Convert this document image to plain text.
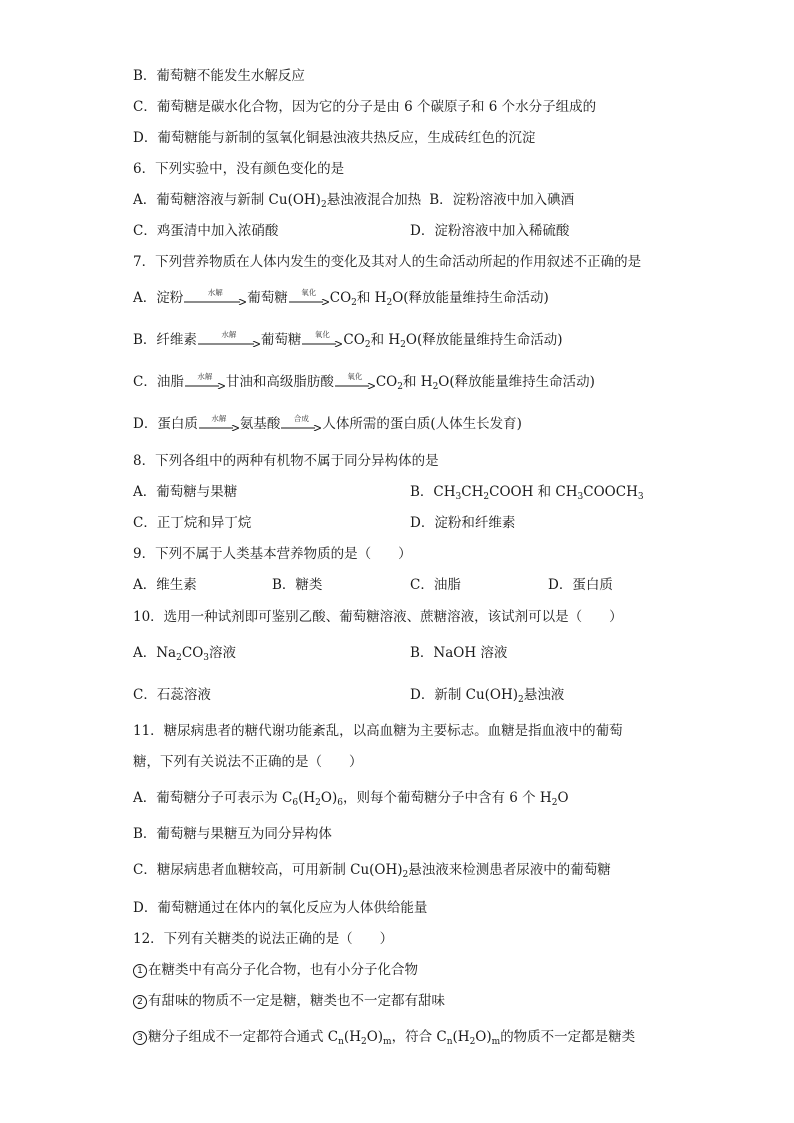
B．葡萄糖不能发生水解反应
C．葡萄糖是碳水化合物，因为它的分子是由 6 个碳原子和 6 个水分子组成的
D．葡萄糖能与新制的氢氧化铜悬浊液共热反应，生成砖红色的沉淀
6．下列实验中，没有颜色变化的是
A．葡萄糖溶液与新制 $Cu(OH)_2$悬浊液混合加热 B．淀粉溶液中加入碘酒
C．鸡蛋清中加入浓硝酸	D．淀粉溶液中加入稀硫酸
7．下列营养物质在人体内发生的变化及其对人的生命活动所起的作用叙述不正确的是
A．淀粉	水解	葡萄糖	氧化	$CO_2$和 $H_2O$(释放能量维持生命活动)
B．纤维素	水解	葡萄糖	氧化	$CO_2$和 $H_2O$(释放能量维持生命活动)
C．油脂	水解	甘油和高级脂肪酸	氧化	$CO_2$和 $H_2O$(释放能量维持生命活动)
D．蛋白质	水解	氨基酸	合成	人体所需的蛋白质(人体生长发育)
8．下列各组中的两种有机物不属于同分异构体的是
A．葡萄糖与果糖	B．$CH_3CH_2COOH$ 和 $CH_3COOCH_3$
C．正丁烷和异丁烷	D．淀粉和纤维素
9．下列不属于人类基本营养物质的是（　　）
A．维生素	B．糖类	C．油脂	D．蛋白质
10．选用一种试剂即可鉴别乙酸、葡萄糖溶液、蔗糖溶液，该试剂可以是（　　）
A．$Na_2CO_3$溶液	B．NaOH 溶液
C．石蕊溶液	D．新制 $Cu(OH)_2$悬浊液
11．糖尿病患者的糖代谢功能紊乱，以高血糖为主要标志。血糖是指血液中的葡萄
糖，下列有关说法不正确的是（　　）
A．葡萄糖分子可表示为 $C_6(H_2O)_6$，则每个葡萄糖分子中含有 6 个 $H_2O$
B．葡萄糖与果糖互为同分异构体
C．糖尿病患者血糖较高，可用新制 $Cu(OH)_2$悬浊液来检测患者尿液中的葡萄糖
D．葡萄糖通过在体内的氧化反应为人体供给能量
12．下列有关糖类的说法正确的是（　　）
1 在糖类中有高分子化合物，也有小分子化合物
2 有甜味的物质不一定是糖，糖类也不一定都有甜味
3 糖分子组成不一定都符合通式 $C_n(H_2O)_m$，符合 $C_n(H_2O)_m$的物质不一定都是糖类
